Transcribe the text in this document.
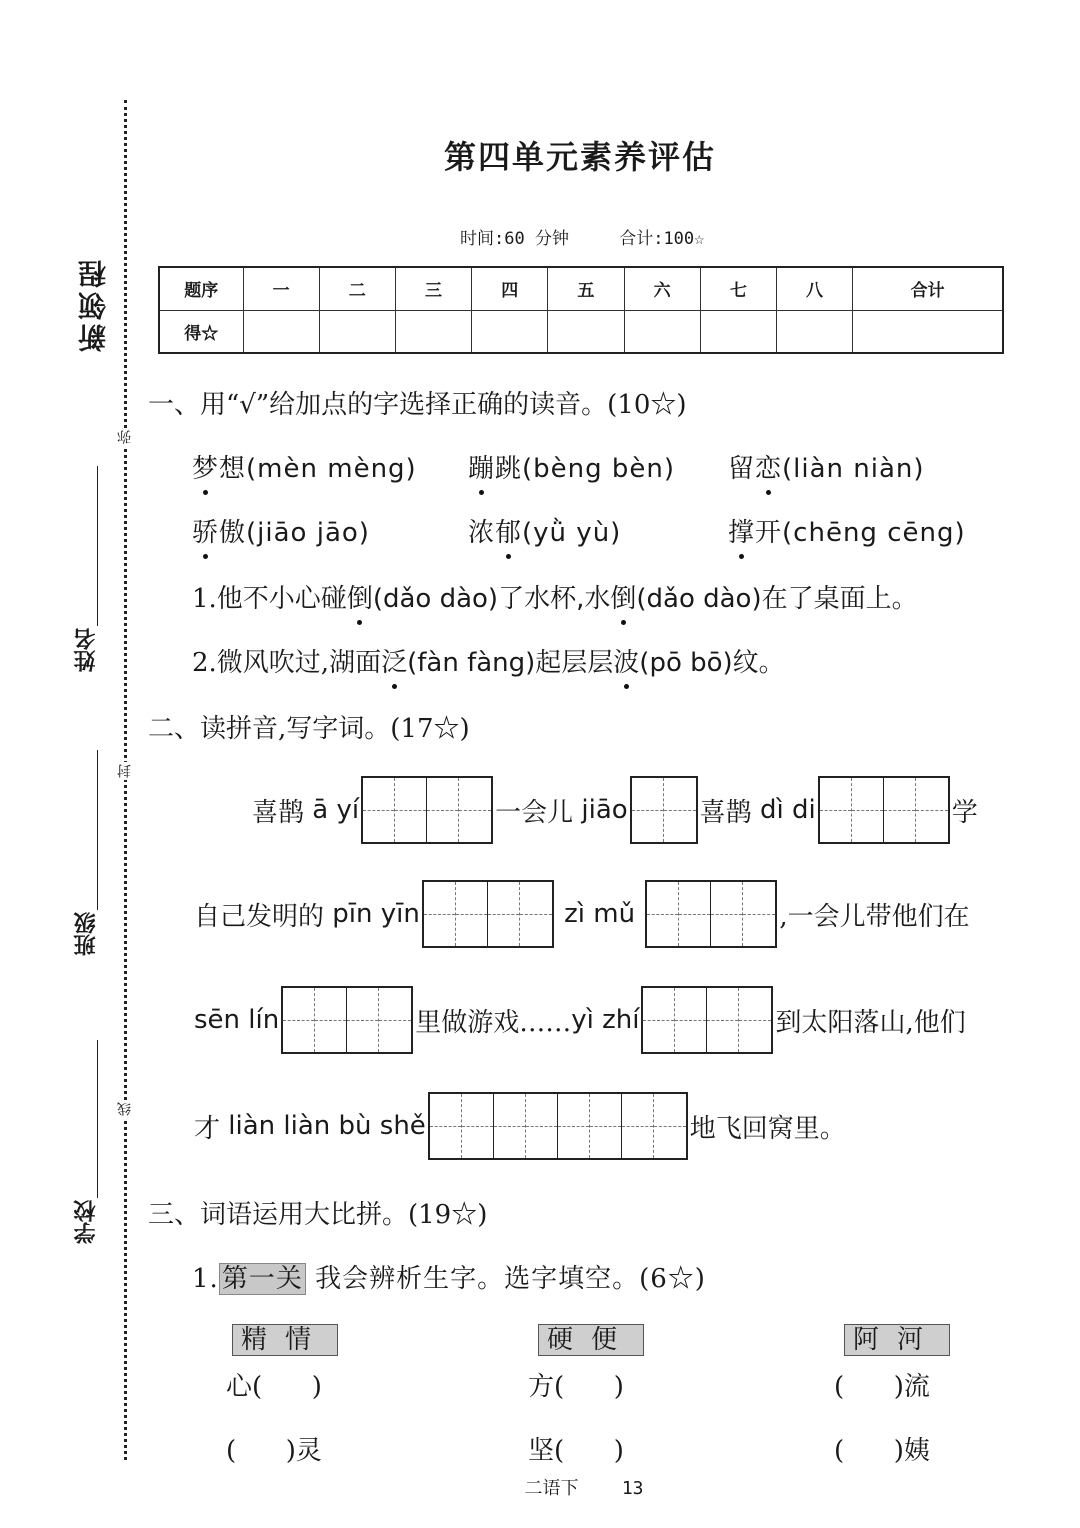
新领程
姓名
班级
学校
弥
封
线
第四单元素养评估
时间:60 分钟	合计:100☆
题序	一	二	三	四	五	六	七	八	合计
得☆									
一、用“√”给加点的字选择正确的读音。(10☆)
梦想(mèn mèng) 蹦跳(bèng bèn) 留恋(liàn niàn)
骄傲(jiāo jāo)	浓郁(yǜ yù)	撑开(chēng cēng)
1.他不小心碰倒(dǎo dào)了水杯,水倒(dǎo dào)在了桌面上。
2.微风吹过,湖面泛(fàn fàng)起层层波(pō bō)纹。
二、读拼音,写字词。(17☆)
喜鹊
ā yí	一会儿
jiāo	喜鹊
dì di	学
自己发明的
pīn yīn
	zì mǔ
	,一会儿带他们在
sēn lín	里做游戏…… yì zhí	到太阳落山,他们
才
liàn liàn bù shě	地飞回窝里。
三、词语运用大比拼。(19☆)
1. 第一关 我会辨析生字。选字填空。(6☆)
精情
心(      )
(      )灵
硬便
方(      )
坚(      )
阿河
(      )流
(      )姨
二语下 13
